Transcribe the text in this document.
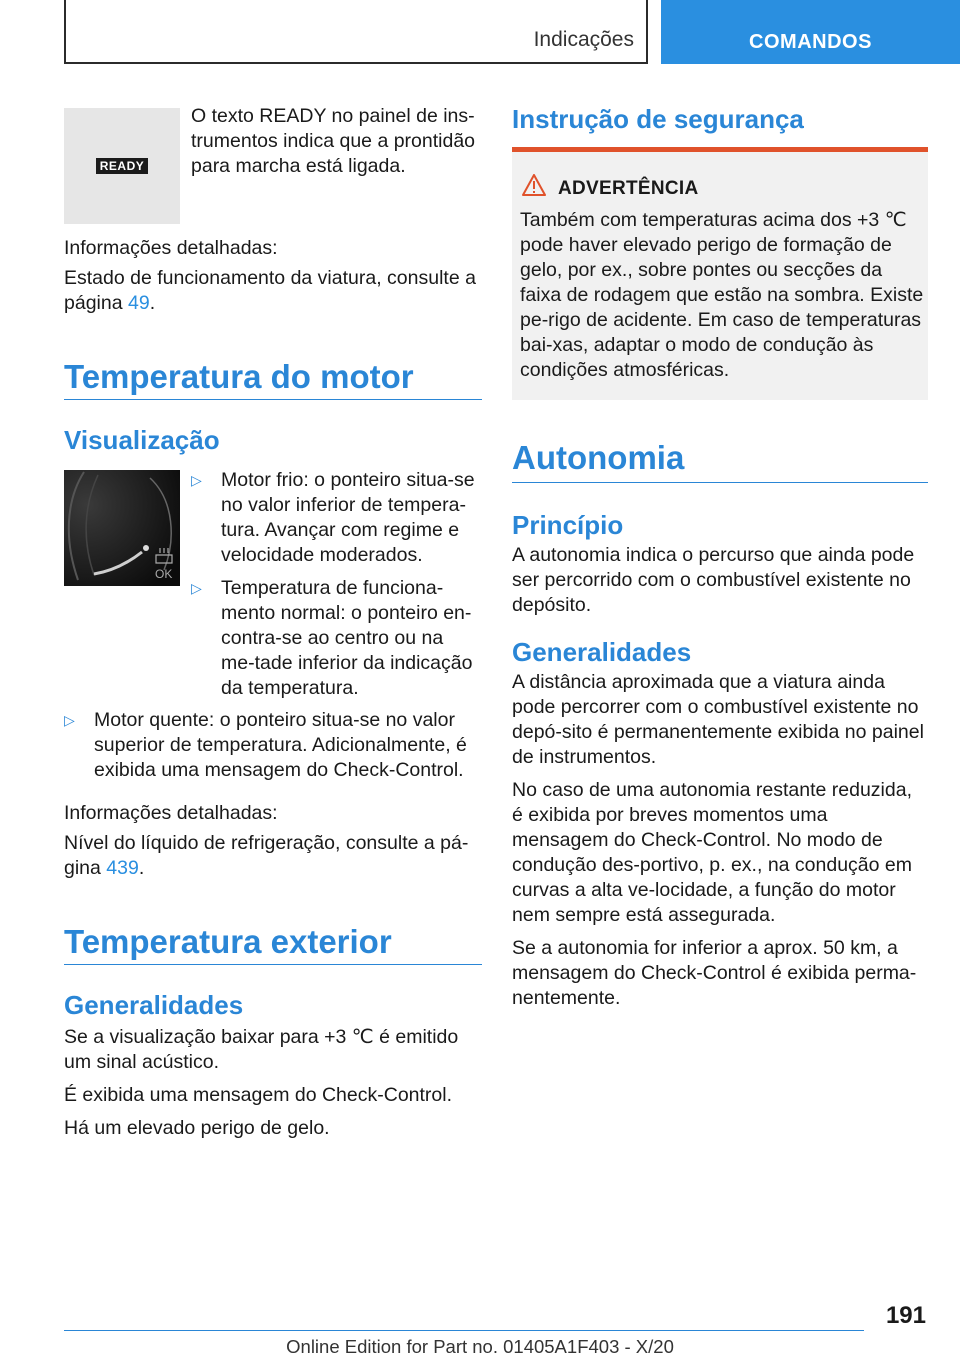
Indicações	COMANDOS
READY

O texto READY no painel de ins-trumentos indica que a prontidão para marcha está ligada.

Informações detalhadas:

Estado de funcionamento da viatura, consulte a página 49.

Temperatura do motor
Visualização
OK

▷ Motor frio: o ponteiro situa-se no valor inferior de tempera-tura. Avançar com regime e velocidade moderados.

▷ Temperatura de funciona-mento normal: o ponteiro en-contra-se ao centro ou na me-tade inferior da indicação da temperatura.

▷ Motor quente: o ponteiro situa-se no valor superior de temperatura. Adicionalmente, é exibida uma mensagem do Check-Control.

Informações detalhadas:

Nível do líquido de refrigeração, consulte a pá-gina 439.

Temperatura exterior
Generalidades

Se a visualização baixar para +3 ℃ é emitido um sinal acústico.

É exibida uma mensagem do Check-Control.

Há um elevado perigo de gelo.

Instrução de segurança
ADVERTÊNCIA

Também com temperaturas acima dos +3 ℃ pode haver elevado perigo de formação de gelo, por ex., sobre pontes ou secções da faixa de rodagem que estão na sombra. Existe pe-rigo de acidente. Em caso de temperaturas bai-xas, adaptar o modo de condução às condições atmosféricas.

Autonomia
Princípio

A autonomia indica o percurso que ainda pode ser percorrido com o combustível existente no depósito.

Generalidades

A distância aproximada que a viatura ainda pode percorrer com o combustível existente no depó-sito é permanentemente exibida no painel de instrumentos.

No caso de uma autonomia restante reduzida, é exibida por breves momentos uma mensagem do Check-Control. No modo de condução des-portivo, p. ex., na condução em curvas a alta ve-locidade, a função do motor nem sempre está assegurada.

Se a autonomia for inferior a aprox. 50 km, a mensagem do Check-Control é exibida perma-nentemente.

191
Online Edition for Part no. 01405A1F403 - X/20
